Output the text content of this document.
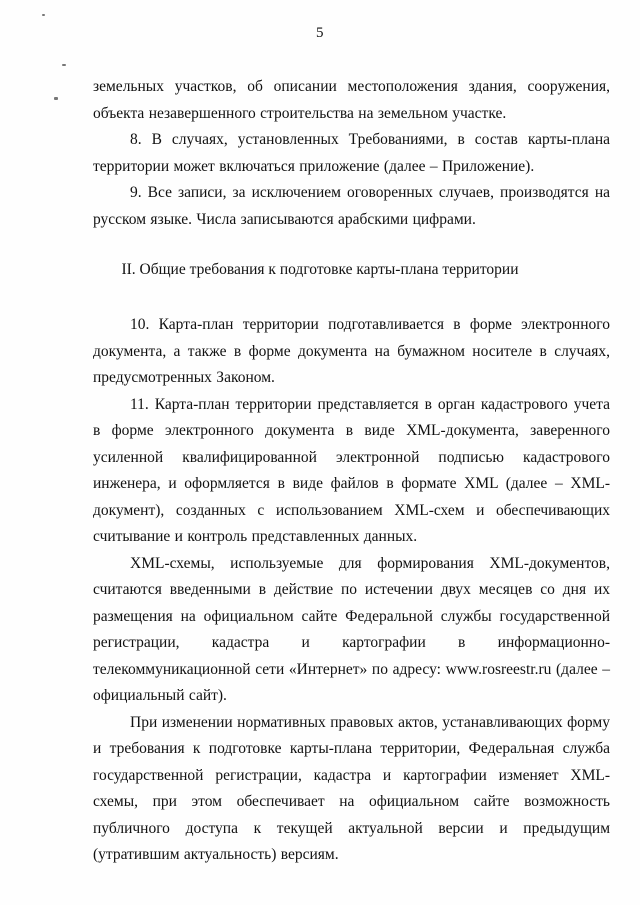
5

земельных участков, об описании местоположения здания, сооружения, объекта незавершенного строительства на земельном участке.

8. В случаях, установленных Требованиями, в состав карты-плана территории может включаться приложение (далее – Приложение).

9. Все записи, за исключением оговоренных случаев, производятся на русском языке. Числа записываются арабскими цифрами.

II. Общие требования к подготовке карты-плана территории

10. Карта-план территории подготавливается в форме электронного документа, а также в форме документа на бумажном носителе в случаях, предусмотренных Законом.

11. Карта-план территории представляется в орган кадастрового учета в форме электронного документа в виде XML-документа, заверенного усиленной квалифицированной электронной подписью кадастрового инженера, и оформляется в виде файлов в формате XML (далее – XML-документ), созданных с использованием XML-схем и обеспечивающих считывание и контроль представленных данных.

XML-схемы, используемые для формирования XML-документов, считаются введенными в действие по истечении двух месяцев со дня их размещения на официальном сайте Федеральной службы государственной регистрации, кадастра и картографии в информационно-телекоммуникационной сети «Интернет» по адресу: www.rosreestr.ru (далее – официальный сайт).

При изменении нормативных правовых актов, устанавливающих форму и требования к подготовке карты-плана территории, Федеральная служба государственной регистрации, кадастра и картографии изменяет XML-схемы, при этом обеспечивает на официальном сайте возможность публичного доступа к текущей актуальной версии и предыдущим (утратившим актуальность) версиям.
